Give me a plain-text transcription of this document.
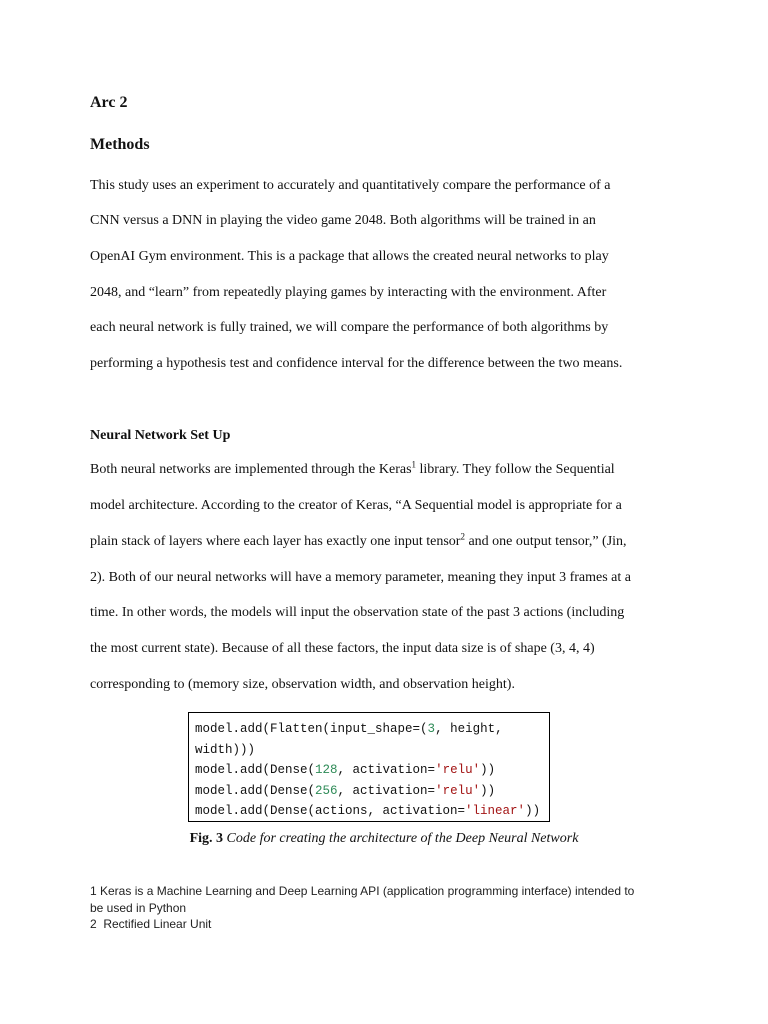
Arc 2
Methods
This study uses an experiment to accurately and quantitatively compare the performance of a
CNN versus a DNN in playing the video game 2048. Both algorithms will be trained in an
OpenAI Gym environment. This is a package that allows the created neural networks to play
2048, and “learn” from repeatedly playing games by interacting with the environment. After
each neural network is fully trained, we will compare the performance of both algorithms by
performing a hypothesis test and confidence interval for the difference between the two means.
Neural Network Set Up
Both neural networks are implemented through the Keras$^1$ library. They follow the Sequential
model architecture. According to the creator of Keras, “A Sequential model is appropriate for a
plain stack of layers where each layer has exactly one input tensor$^2$ and one output tensor,” (Jin,
2). Both of our neural networks will have a memory parameter, meaning they input 3 frames at a
time. In other words, the models will input the observation state of the past 3 actions (including
the most current state). Because of all these factors, the input data size is of shape (3, 4, 4)
corresponding to (memory size, observation width, and observation height).
model.add(Flatten(input_shape=(3, height,
width)))
model.add(Dense(128, activation='relu'))
model.add(Dense(256, activation='relu'))
model.add(Dense(actions, activation='linear'))
Fig. 3 Code for creating the architecture of the Deep Neural Network
1 Keras is a Machine Learning and Deep Learning API (application programming interface) intended to
be used in Python
2  Rectified Linear Unit
